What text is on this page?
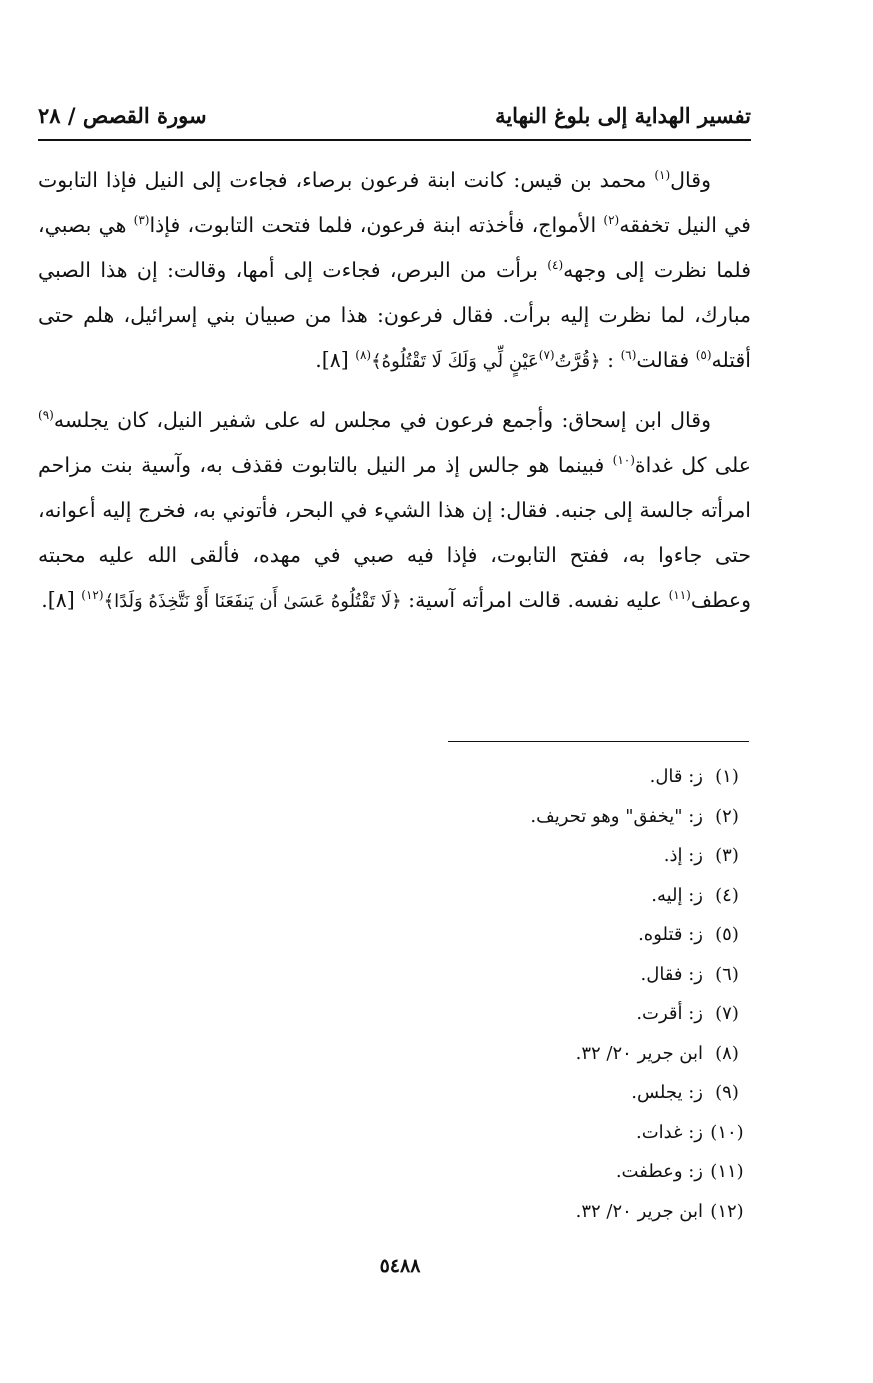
تفسير الهداية إلى بلوغ النهاية
سورة القصص / ٢٨

وقال$^{(١)}$ محمد بن قيس: كانت ابنة فرعون برصاء، فجاءت إلى النيل فإذا التابوت في النيل تخفقه$^{(٢)}$ الأمواج، فأخذته ابنة فرعون، فلما فتحت التابوت، فإذا$^{(٣)}$ هي بصبي، فلما نظرت إلى وجهه$^{(٤)}$ برأت من البرص، فجاءت إلى أمها، وقالت: إن هذا الصبي مبارك، لما نظرت إليه برأت. فقال فرعون: هذا من صبيان بني إسرائيل، هلم حتى أقتله$^{(٥)}$ فقالت$^{(٦)}$ : ﴿قُرَّتُ$^{(٧)}$عَيْنٍ لِّي وَلَكَ لَا تَقْتُلُوهُ﴾$^{(٨)}$ [٨].

وقال ابن إسحاق: وأجمع فرعون في مجلس له على شفير النيل، كان يجلسه$^{(٩)}$ على كل غداة$^{(١٠)}$ فبينما هو جالس إذ مر النيل بالتابوت فقذف به، وآسية بنت مزاحم امرأته جالسة إلى جنبه. فقال: إن هذا الشيء في البحر، فأتوني به، فخرج إليه أعوانه، حتى جاءوا به، ففتح التابوت، فإذا فيه صبي في مهده، فألقى الله عليه محبته وعطف$^{(١١)}$ عليه نفسه. قالت امرأته آسية: ﴿لَا تَقْتُلُوهُ عَسَىٰ أَن يَنفَعَنَا أَوْ نَتَّخِذَهُ وَلَدًا﴾$^{(١٢)}$ [٨].

(١)
ز: قال.
(٢)
ز: "يخفق" وهو تحريف.
(٣)
ز: إذ.
(٤)
ز: إليه.
(٥)
ز: قتلوه.
(٦)
ز: فقال.
(٧)
ز: أقرت.
(٨)
ابن جرير ٢٠/ ٣٢.
(٩)
ز: يجلس.
(١٠)
ز: غدات.
(١١)
ز: وعطفت.
(١٢)
ابن جرير ٢٠/ ٣٢.
٥٤٨٨
